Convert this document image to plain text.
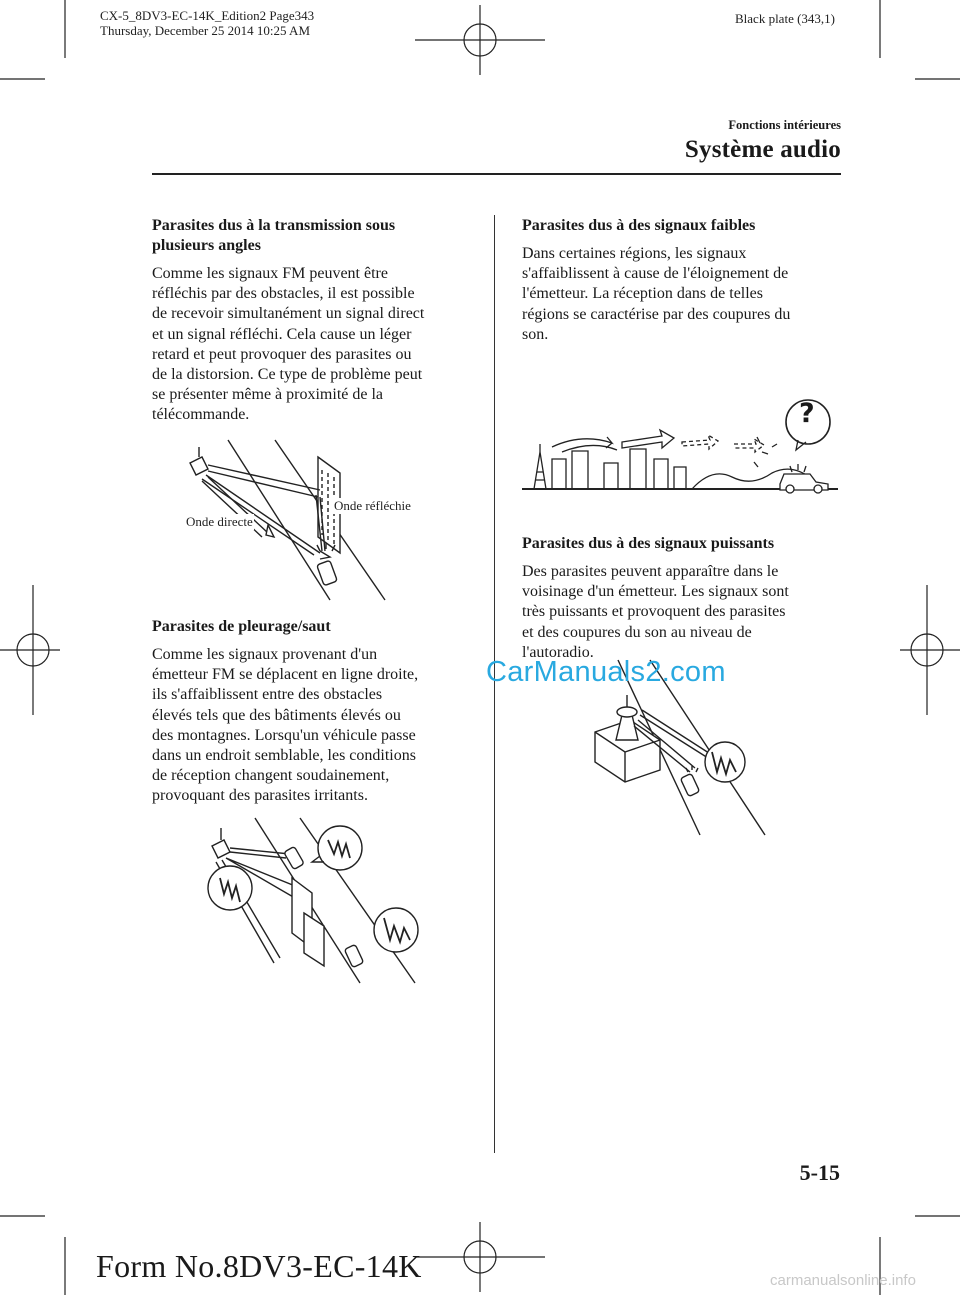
CX-5_8DV3-EC-14K_Edition2 Page343
Thursday, December 25 2014 10:25 AM
Black plate (343,1)
Fonctions intérieures
Système audio
Parasites dus à la transmission sous
plusieurs angles
Comme les signaux FM peuvent être
réfléchis par des obstacles, il est possible
de recevoir simultanément un signal direct
et un signal réfléchi. Cela cause un léger
retard et peut provoquer des parasites ou
de la distorsion. Ce type de problème peut
se présenter même à proximité de la
télécommande.
Onde directe
Onde réfléchie
Parasites de pleurage/saut
Comme les signaux provenant d'un
émetteur FM se déplacent en ligne droite,
ils s'affaiblissent entre des obstacles
élevés tels que des bâtiments élevés ou
des montagnes. Lorsqu'un véhicule passe
dans un endroit semblable, les conditions
de réception changent soudainement,
provoquant des parasites irritants.
Parasites dus à des signaux faibles
Dans certaines régions, les signaux
s'affaiblissent à cause de l'éloignement de
l'émetteur. La réception dans de telles
régions se caractérise par des coupures du
son.
?
Parasites dus à des signaux puissants
Des parasites peuvent apparaître dans le
voisinage d'un émetteur. Les signaux sont
très puissants et provoquent des parasites
et des coupures du son au niveau de
l'autoradio.
CarManuals2.com
5-15
Form No.8DV3-EC-14K	carmanualsonline.info
